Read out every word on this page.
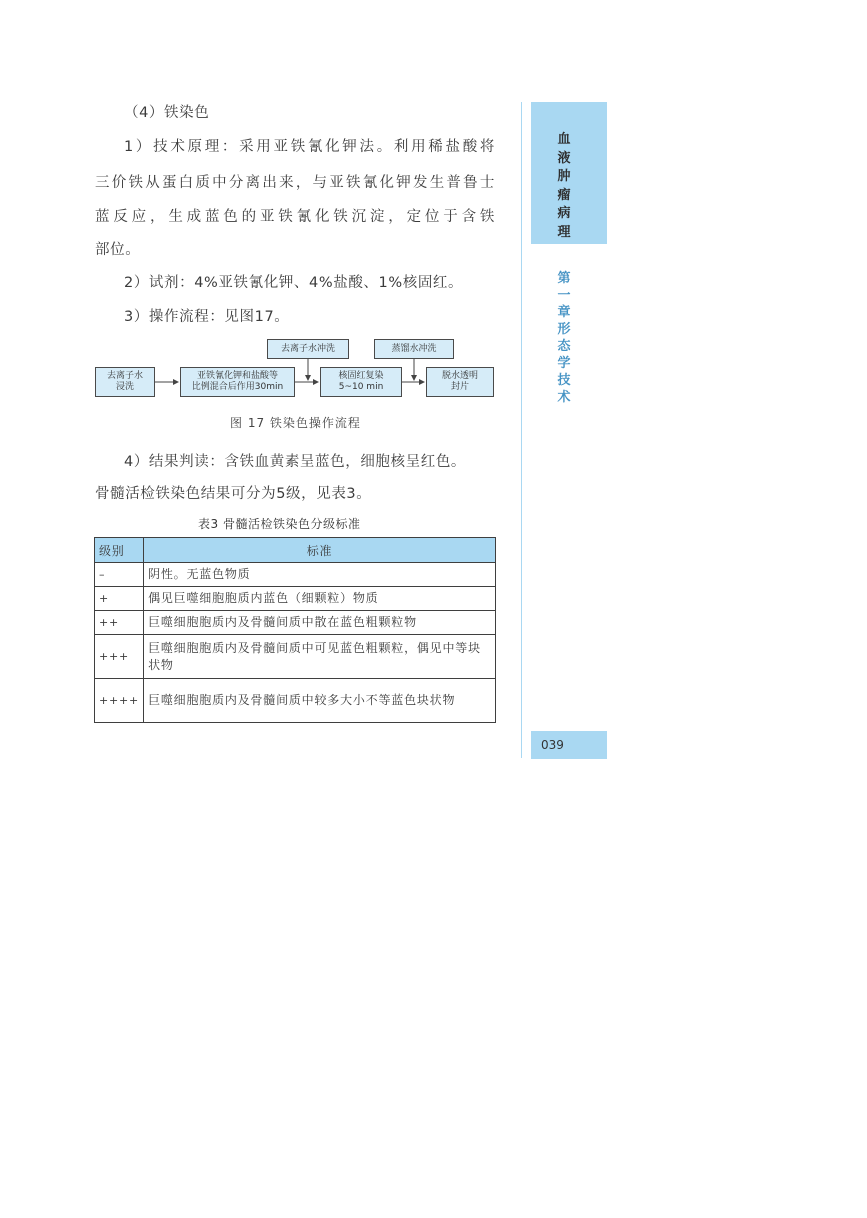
（4）铁染色

1）技术原理：采用亚铁氰化钾法。利用稀盐酸将

三价铁从蛋白质中分离出来，与亚铁氰化钾发生普鲁士

蓝反应，生成蓝色的亚铁氰化铁沉淀，定位于含铁

部位。

2）试剂：4%亚铁氰化钾、4%盐酸、1%核固红。

3）操作流程：见图17。

去离子水冲洗	蒸馏水冲洗
去离子水
浸洗
亚铁氰化钾和盐酸等
比例混合后作用30min
核固红复染
5~10 min
脱水透明
封片
图 17 铁染色操作流程

4）结果判读：含铁血黄素呈蓝色，细胞核呈红色。

骨髓活检铁染色结果可分为5级，见表3。

表3 骨髓活检铁染色分级标准
级别	标准
–	阴性。无蓝色物质
+	偶见巨噬细胞胞质内蓝色（细颗粒）物质
++	巨噬细胞胞质内及骨髓间质中散在蓝色粗颗粒物
+++	巨噬细胞胞质内及骨髓间质中可见蓝色粗颗粒，偶见中等块状物
++++	巨噬细胞胞质内及骨髓间质中较多大小不等蓝色块状物
血液肿瘤病理
第一章 形态学技术
039
